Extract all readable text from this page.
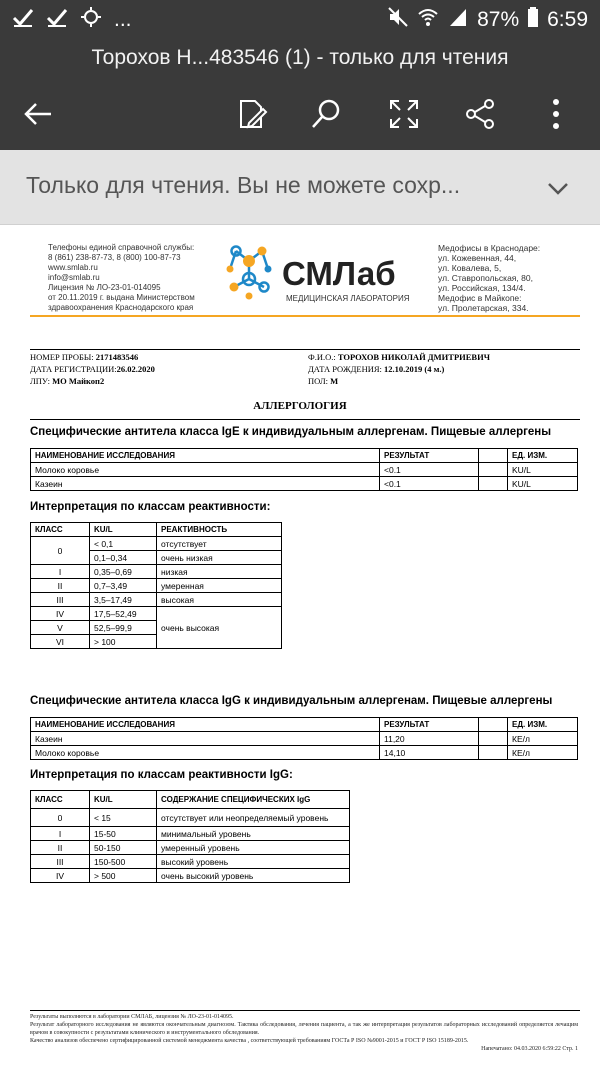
...	87% 6:59
Торохов Н...483546 (1) - только для чтения
Только для чтения. Вы не можете сохр...
Телефоны единой справочной службы:
8 (861) 238-87-73, 8 (800) 100-87-73
www.smlab.ru
info@smlab.ru
Лицензия № ЛО-23-01-014095
от 20.11.2019 г. выдана Министерством
здравоохранения Краснодарского края
СМЛаб
МЕДИЦИНСКАЯ ЛАБОРАТОРИЯ
Медофисы в Краснодаре:
ул. Кожевенная, 44,
ул. Ковалева, 5,
ул. Ставропольская, 80,
ул. Российская, 134/4.
Медофис в Майкопе:
ул. Пролетарская, 334.
НОМЕР ПРОБЫ: 2171483546
ДАТА РЕГИСТРАЦИИ:26.02.2020
ЛПУ: МО Майкоп2
Ф.И.О.: ТОРОХОВ НИКОЛАЙ ДМИТРИЕВИЧ
ДАТА РОЖДЕНИЯ: 12.10.2019 (4 м.)
ПОЛ: М
АЛЛЕРГОЛОГИЯ
Специфические антитела класса IgE к индивидуальным аллергенам. Пищевые аллергены
НАИМЕНОВАНИЕ ИССЛЕДОВАНИЯ	РЕЗУЛЬТАТ		ЕД. ИЗМ.
Молоко коровье	<0.1		KU/L
Казеин	<0.1		KU/L
Интерпретация по классам реактивности:
КЛАСС	KU/L	РЕАКТИВНОСТЬ
0	< 0,1	отсутствует
	0,1–0,34	очень низкая
I	0,35–0,69	низкая
II	0,7–3,49	умеренная
III	3,5–17,49	высокая
IV	17,5–52,49	очень высокая
V	52,5–99,9	
VI	> 100	
Специфические антитела класса IgG к индивидуальным аллергенам. Пищевые аллергены
НАИМЕНОВАНИЕ ИССЛЕДОВАНИЯ	РЕЗУЛЬТАТ		ЕД. ИЗМ.
Казеин	11,20		КЕ/л
Молоко коровье	14,10		КЕ/л
Интерпретация по классам реактивности IgG:
КЛАСС	KU/L	СОДЕРЖАНИЕ СПЕЦИФИЧЕСКИХ IgG
0	< 15	отсутствует или неопределяемый уровень
I	15-50	минимальный уровень
II	50-150	умеренный уровень
III	150-500	высокий уровень
IV	> 500	очень высокий уровень
Результаты выполнются в лаборатории СМЛАБ, лицензия № ЛО-23-01-014095.
Результат лабораторного исследования не являются окончательным диагнозом. Тактика обследования, лечения пациента, а так же интерпретация результатов лабораторных исследований определяется лечащим врачом в совокупности с результатами клинического и инструментального обследования.
Качество анализов обеспечено сертифицированной системой менеджмента качества , соответствующей требованиям ГОСТа Р ISO №9001-2015 и ГОСТ Р ISO 15189-2015.
Напечатано: 04.03.2020 6:59:22 Стр. 1
